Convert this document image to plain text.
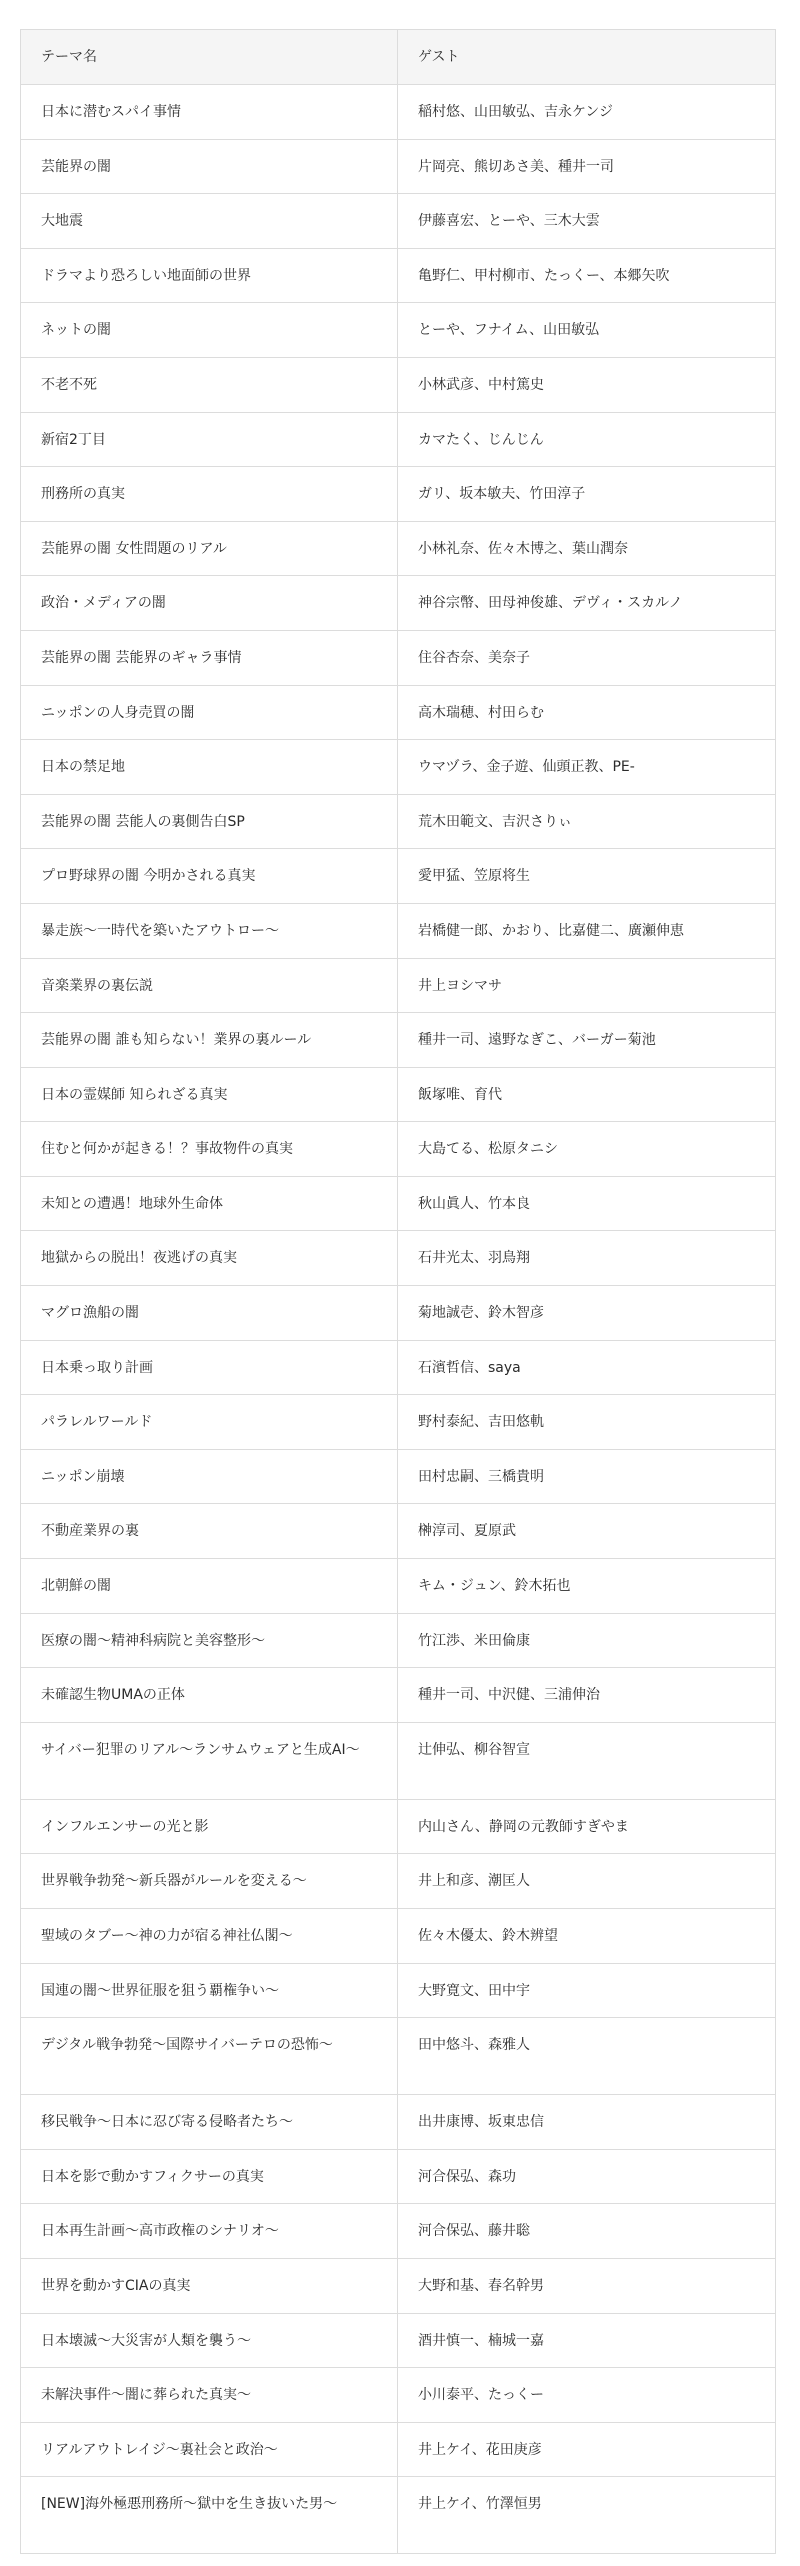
テーマ名	ゲスト
日本に潜むスパイ事情	稲村悠、山田敏弘、吉永ケンジ
芸能界の闇	片岡亮、熊切あさ美、種井一司
大地震	伊藤喜宏、とーや、三木大雲
ドラマより恐ろしい地面師の世界	亀野仁、甲村柳市、たっくー、本郷矢吹
ネットの闇	とーや、フナイム、山田敏弘
不老不死	小林武彦、中村篤史
新宿2丁目	カマたく、じんじん
刑務所の真実	ガリ、坂本敏夫、竹田淳子
芸能界の闇 女性問題のリアル	小林礼奈、佐々木博之、葉山潤奈
政治・メディアの闇	神谷宗幣、田母神俊雄、デヴィ・スカルノ
芸能界の闇 芸能界のギャラ事情	住谷杏奈、美奈子
ニッポンの人身売買の闇	高木瑞穂、村田らむ
日本の禁足地	ウマヅラ、金子遊、仙頭正教、PE-
芸能界の闇 芸能人の裏側告白SP	荒木田範文、吉沢さりぃ
プロ野球界の闇 今明かされる真実	愛甲猛、笠原将生
暴走族〜一時代を築いたアウトロー〜	岩橋健一郎、かおり、比嘉健二、廣瀬伸恵
音楽業界の裏伝説	井上ヨシマサ
芸能界の闇 誰も知らない！業界の裏ルール	種井一司、遠野なぎこ、バーガー菊池
日本の霊媒師 知られざる真実	飯塚唯、育代
住むと何かが起きる！？事故物件の真実	大島てる、松原タニシ
未知との遭遇！地球外生命体	秋山眞人、竹本良
地獄からの脱出！夜逃げの真実	石井光太、羽鳥翔
マグロ漁船の闇	菊地誠壱、鈴木智彦
日本乗っ取り計画	石濱哲信、saya
パラレルワールド	野村泰紀、吉田悠軌
ニッポン崩壊	田村忠嗣、三橋貴明
不動産業界の裏	榊淳司、夏原武
北朝鮮の闇	キム・ジュン、鈴木拓也
医療の闇〜精神科病院と美容整形〜	竹江渉、米田倫康
未確認生物UMAの正体	種井一司、中沢健、三浦伸治
サイバー犯罪のリアル〜ランサムウェアと生成AI〜	辻伸弘、柳谷智宣
インフルエンサーの光と影	内山さん、静岡の元教師すぎやま
世界戦争勃発〜新兵器がルールを変える〜	井上和彦、潮匡人
聖域のタブー〜神の力が宿る神社仏閣〜	佐々木優太、鈴木辨望
国連の闇〜世界征服を狙う覇権争い〜	大野寛文、田中宇
デジタル戦争勃発〜国際サイバーテロの恐怖〜	田中悠斗、森雅人
移民戦争〜日本に忍び寄る侵略者たち〜	出井康博、坂東忠信
日本を影で動かすフィクサーの真実	河合保弘、森功
日本再生計画〜高市政権のシナリオ〜	河合保弘、藤井聡
世界を動かすCIAの真実	大野和基、春名幹男
日本壊滅〜大災害が人類を襲う〜	酒井慎一、楠城一嘉
未解決事件〜闇に葬られた真実〜	小川泰平、たっくー
リアルアウトレイジ〜裏社会と政治〜	井上ケイ、花田庚彦
[NEW]海外極悪刑務所〜獄中を生き抜いた男〜	井上ケイ、竹澤恒男
